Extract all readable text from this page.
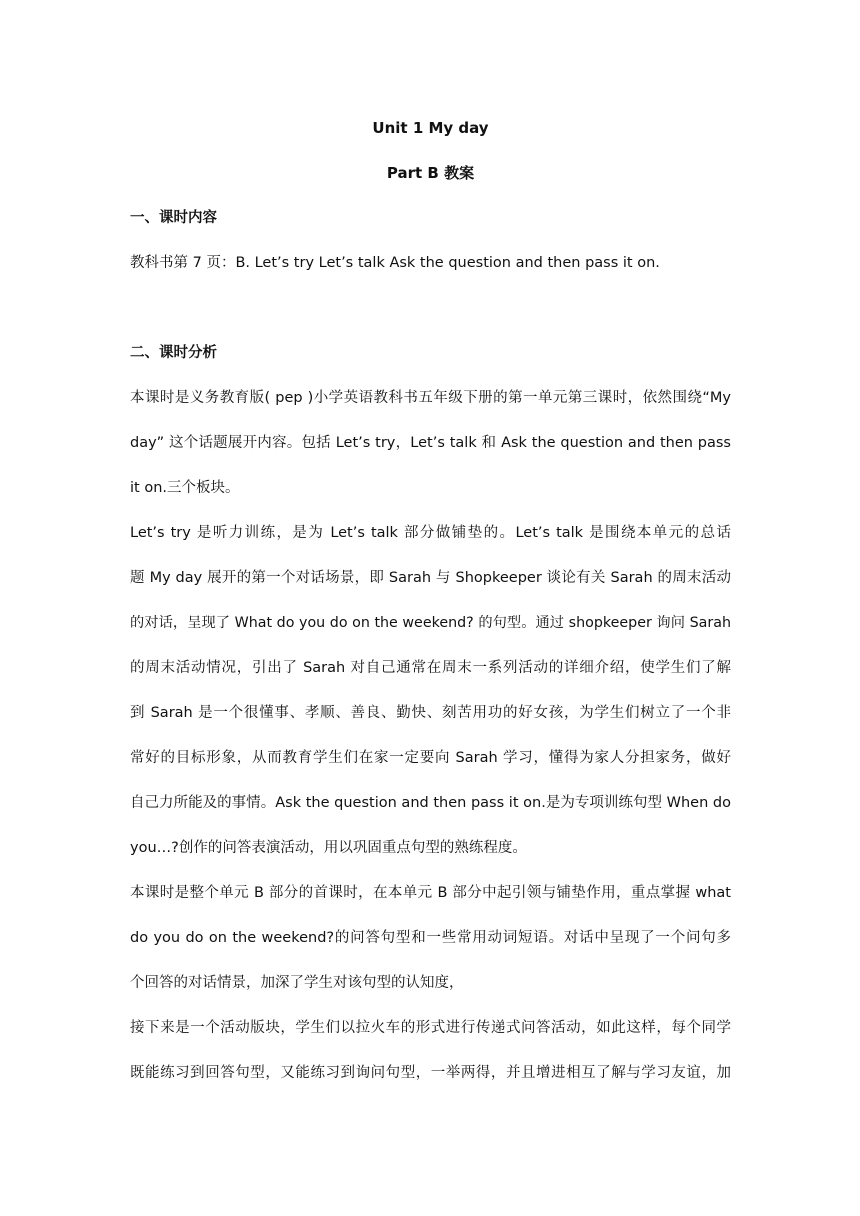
Unit 1 My day
Part B 教案
一、课时内容
教科书第 7 页：B. Let’s try Let’s talk Ask the question and then pass it on.
二、课时分析
本课时是义务教育版( pep )小学英语教科书五年级下册的第一单元第三课时，依然围绕“My
day” 这个话题展开内容。包括 Let’s try，Let’s talk 和 Ask the question and then pass
it on.三个板块。
Let’s try 是听力训练，是为 Let’s talk 部分做铺垫的。Let’s talk 是围绕本单元的总话
题 My day 展开的第一个对话场景，即 Sarah 与 Shopkeeper 谈论有关 Sarah 的周末活动
的对话，呈现了 What do you do on the weekend? 的句型。通过 shopkeeper 询问 Sarah
的周末活动情况，引出了 Sarah 对自己通常在周末一系列活动的详细介绍，使学生们了解
到 Sarah 是一个很懂事、孝顺、善良、勤快、刻苦用功的好女孩，为学生们树立了一个非
常好的目标形象，从而教育学生们在家一定要向 Sarah 学习，懂得为家人分担家务，做好
自己力所能及的事情。Ask the question and then pass it on.是为专项训练句型 When do
you…?创作的问答表演活动，用以巩固重点句型的熟练程度。
本课时是整个单元 B 部分的首课时，在本单元 B 部分中起引领与铺垫作用，重点掌握 what
do you do on the weekend?的问答句型和一些常用动词短语。对话中呈现了一个问句多
个回答的对话情景，加深了学生对该句型的认知度，
接下来是一个活动版块，学生们以拉火车的形式进行传递式问答活动，如此这样，每个同学
既能练习到回答句型，又能练习到询问句型，一举两得，并且增进相互了解与学习友谊，加
